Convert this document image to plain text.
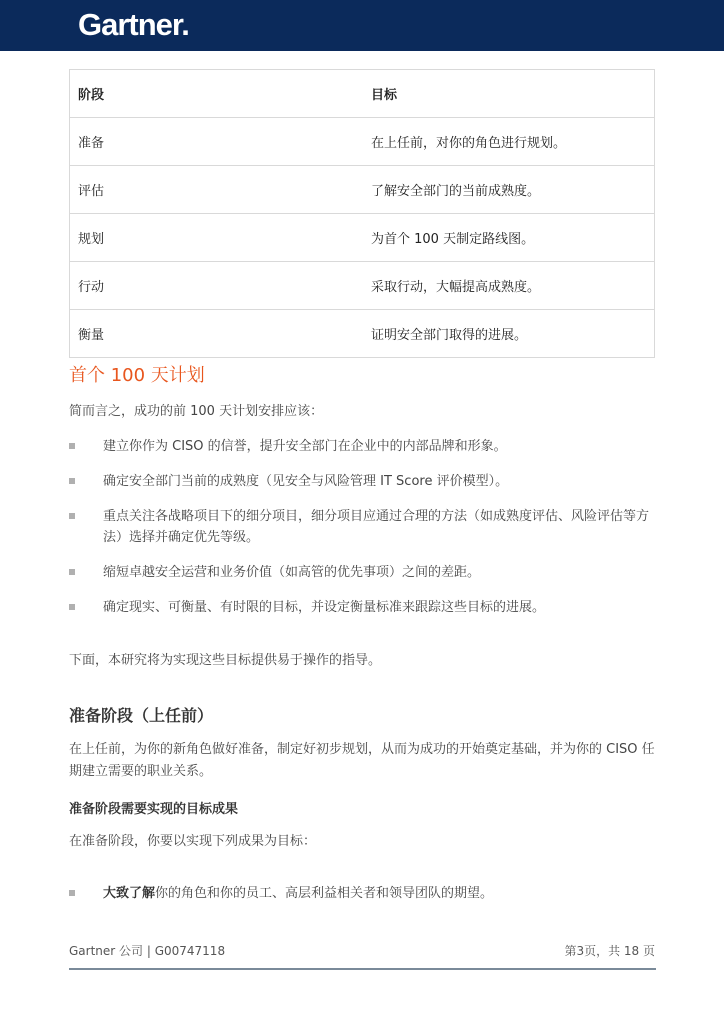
Gartner.
阶段	目标
准备	在上任前，对你的角色进行规划。
评估	了解安全部门的当前成熟度。
规划	为首个 100 天制定路线图。
行动	采取行动，大幅提高成熟度。
衡量	证明安全部门取得的进展。
首个 100 天计划
简而言之，成功的前 100 天计划安排应该：
建立你作为 CISO 的信誉，提升安全部门在企业中的内部品牌和形象。
确定安全部门当前的成熟度（见安全与风险管理 IT Score 评价模型）。
重点关注各战略项目下的细分项目，细分项目应通过合理的方法（如成熟度评估、风险评估等方法）选择并确定优先等级。
缩短卓越安全运营和业务价值（如高管的优先事项）之间的差距。
确定现实、可衡量、有时限的目标，并设定衡量标准来跟踪这些目标的进展。
下面，本研究将为实现这些目标提供易于操作的指导。
准备阶段（上任前）
在上任前，为你的新角色做好准备，制定好初步规划，从而为成功的开始奠定基础，并为你的 CISO 任期建立需要的职业关系。
准备阶段需要实现的目标成果
在准备阶段，你要以实现下列成果为目标：
大致了解你的角色和你的员工、高层利益相关者和领导团队的期望。
Gartner 公司 | G00747118	第3页，共 18 页
